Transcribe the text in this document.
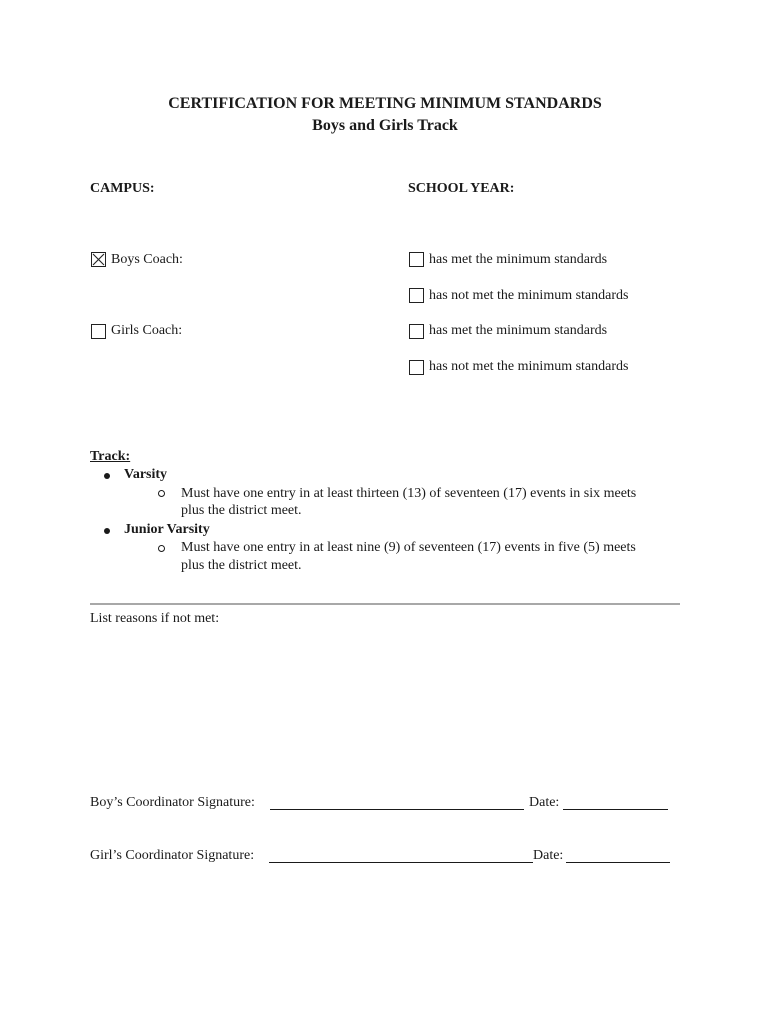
CERTIFICATION FOR MEETING MINIMUM STANDARDS
Boys and Girls Track
CAMPUS:	SCHOOL YEAR:
Boys Coach:	has met the minimum standards
has not met the minimum standards
Girls Coach:	has met the minimum standards
has not met the minimum standards
Track:
Varsity
Must have one entry in at least thirteen (13) of seventeen (17) events in six meets
plus the district meet.
Junior Varsity
Must have one entry in at least nine (9) of seventeen (17) events in five (5) meets
plus the district meet.
List reasons if not met:
Boy’s Coordinator Signature:	Date:
Girl’s Coordinator Signature:	Date:
